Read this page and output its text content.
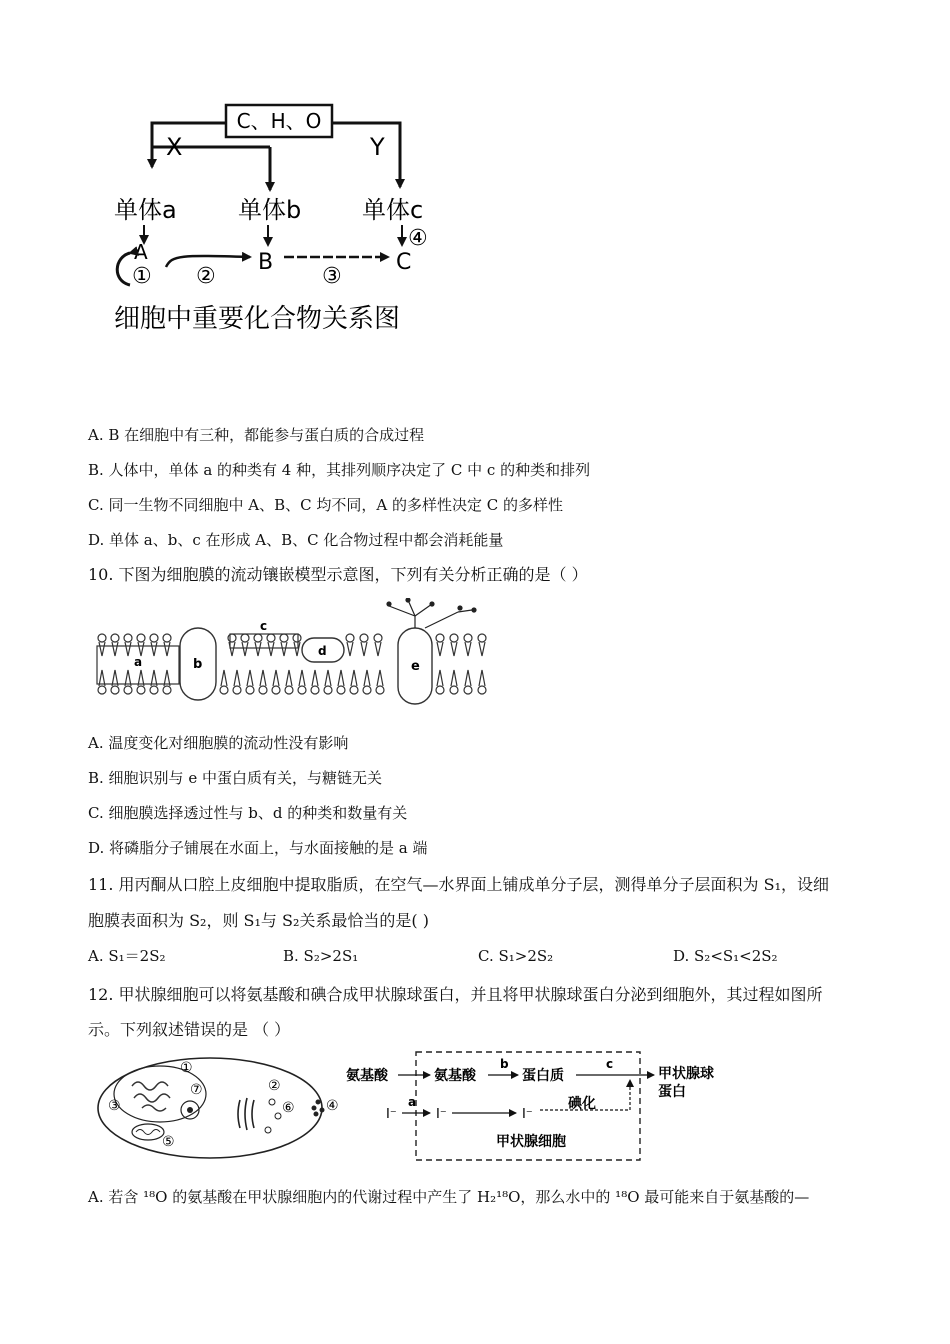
C、H、O
X	Y
单体a	单体b	单体c
A	B	C
① ②	③
④
细胞中重要化合物关系图
A. B 在细胞中有三种，都能参与蛋白质的合成过程
B. 人体中，单体 a 的种类有 4 种，其排列顺序决定了 C 中 c 的种类和排列
C. 同一生物不同细胞中 A、B、C 均不同，A 的多样性决定 C 的多样性
D. 单体 a、b、c 在形成 A、B、C 化合物过程中都会消耗能量
10. 下图为细胞膜的流动镶嵌模型示意图，下列有关分析正确的是（ ）
a	b
c
d
e
A. 温度变化对细胞膜的流动性没有影响
B. 细胞识别与 e 中蛋白质有关，与糖链无关
C. 细胞膜选择透过性与 b、d 的种类和数量有关
D. 将磷脂分子铺展在水面上，与水面接触的是 a 端
11. 用丙酮从口腔上皮细胞中提取脂质，在空气—水界面上铺成单分子层，测得单分子层面积为 S₁，设细
胞膜表面积为 S₂，则 S₁与 S₂关系最恰当的是( )
A. S₁＝2S₂	B. S₂>2S₁	C. S₁>2S₂	D. S₂<S₁<2S₂
12. 甲状腺细胞可以将氨基酸和碘合成甲状腺球蛋白，并且将甲状腺球蛋白分泌到细胞外，其过程如图所
示。下列叙述错误的是 （ ）
①
⑦
③
⑤
②
⑥ ④
氨基酸	氨基酸	蛋白质	甲状腺球
蛋白
a
b	c
I⁻	I⁻	I⁻
碘化
甲状腺细胞
A. 若含 ¹⁸O 的氨基酸在甲状腺细胞内的代谢过程中产生了 H₂¹⁸O，那么水中的 ¹⁸O 最可能来自于氨基酸的—
